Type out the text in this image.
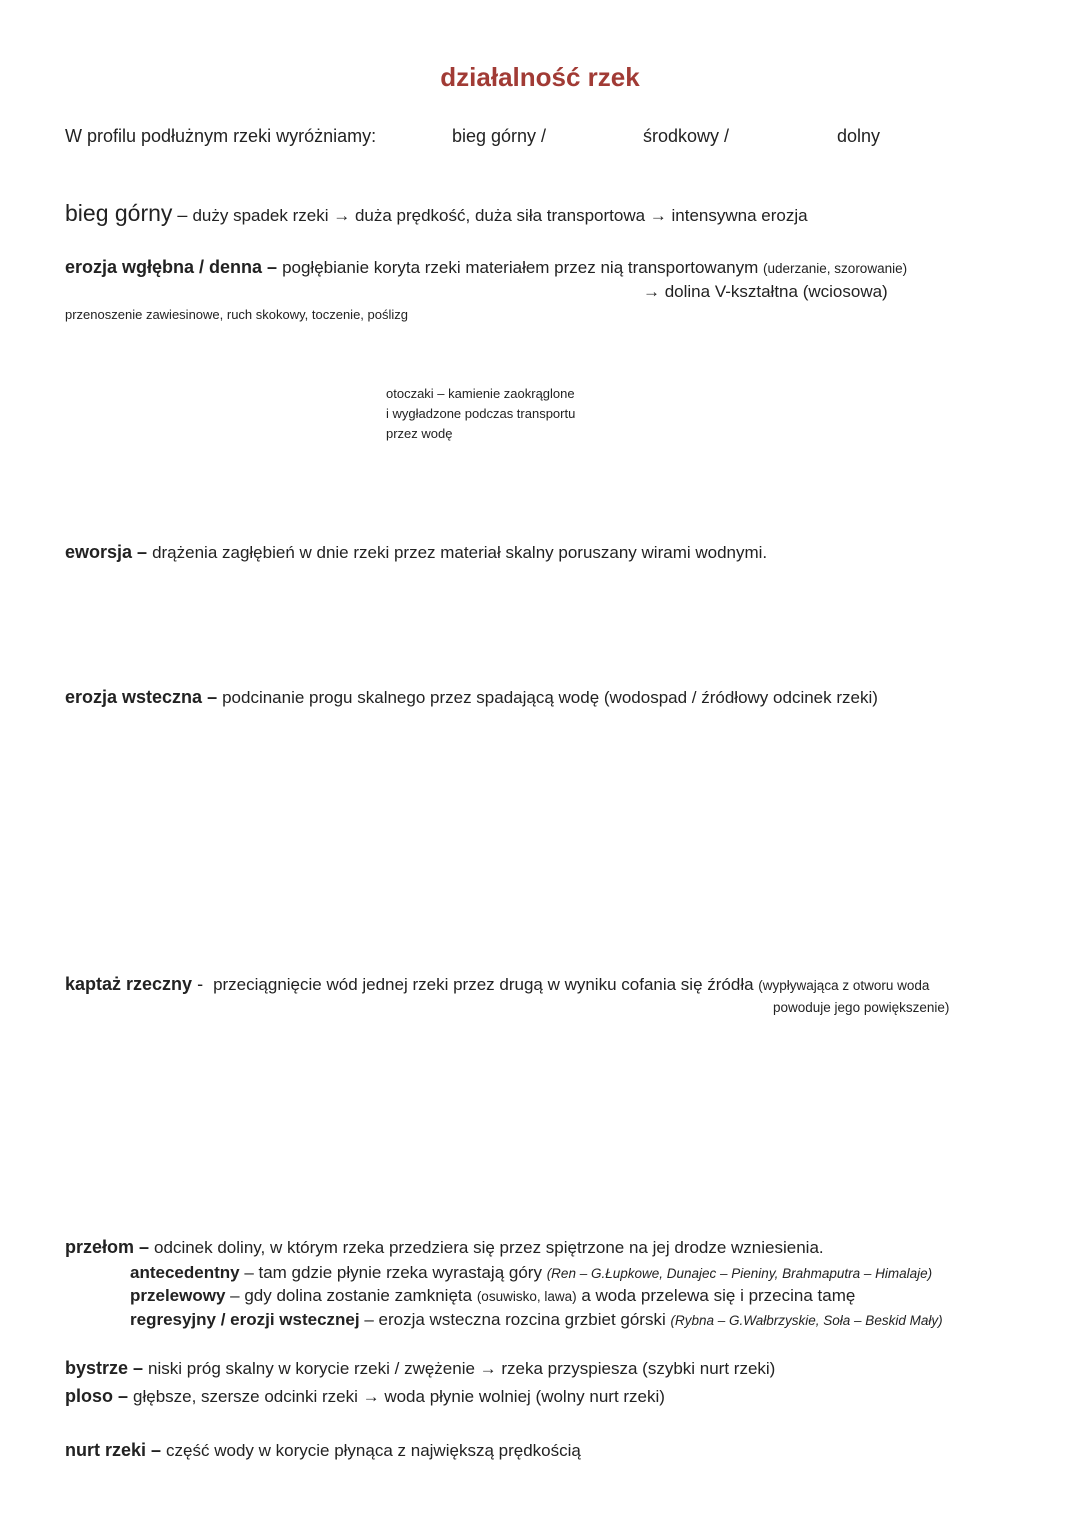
działalność rzek
W profilu podłużnym rzeki wyróżniamy:	bieg górny /	środkowy /	dolny
bieg górny – duży spadek rzeki → duża prędkość, duża siła transportowa → intensywna erozja
erozja wgłębna / denna – pogłębianie koryta rzeki materiałem przez nią transportowanym (uderzanie, szorowanie)
→ dolina V-kształtna (wciosowa)
przenoszenie zawiesinowe, ruch skokowy, toczenie, poślizg
otoczaki – kamienie zaokrąglone
i wygładzone podczas transportu
przez wodę
eworsja – drążenia zagłębień w dnie rzeki przez materiał skalny poruszany wirami wodnymi.
erozja wsteczna – podcinanie progu skalnego przez spadającą wodę (wodospad / źródłowy odcinek rzeki)
kaptaż rzeczny -  przeciągnięcie wód jednej rzeki przez drugą w wyniku cofania się źródła (wypływająca z otworu woda
powoduje jego powiększenie)
przełom – odcinek doliny, w którym rzeka przedziera się przez spiętrzone na jej drodze wzniesienia.
antecedentny – tam gdzie płynie rzeka wyrastają góry (Ren – G.Łupkowe, Dunajec – Pieniny, Brahmaputra – Himalaje)
przelewowy – gdy dolina zostanie zamknięta (osuwisko, lawa) a woda przelewa się i przecina tamę
regresyjny / erozji wstecznej – erozja wsteczna rozcina grzbiet górski (Rybna – G.Wałbrzyskie, Soła – Beskid Mały)
bystrze – niski próg skalny w korycie rzeki / zwężenie → rzeka przyspiesza (szybki nurt rzeki)
ploso – głębsze, szersze odcinki rzeki → woda płynie wolniej (wolny nurt rzeki)
nurt rzeki – część wody w korycie płynąca z największą prędkością
